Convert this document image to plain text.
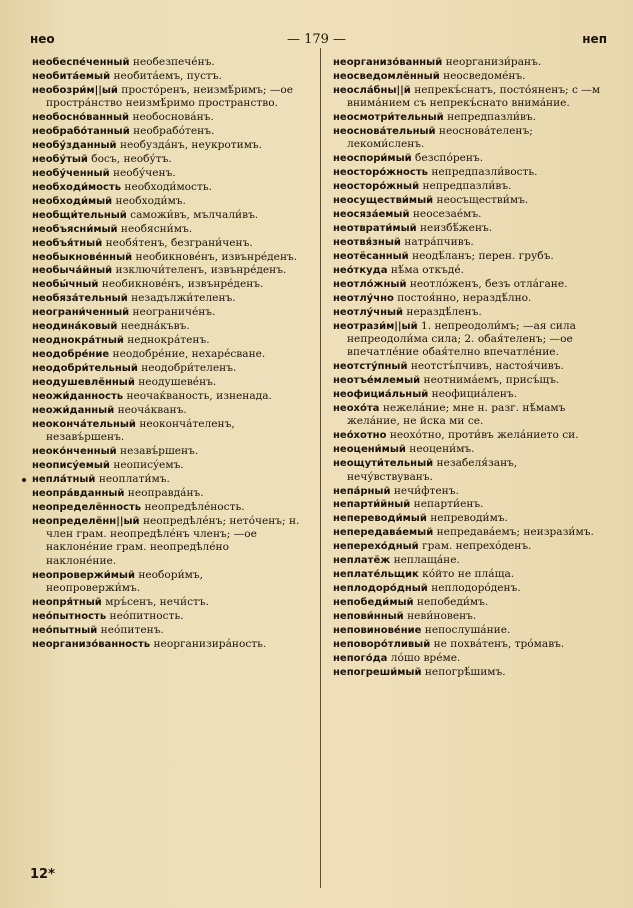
нео	— 179 —	неп
необеспе́ченный необезпече́нъ.
необита́емый необита́емъ, пустъ.
необозри́м||ый просто́ренъ, неизмѣ́римъ; —ое простра́нство неизмѣ́римо пространство.
необосно́ванный необоснова́нъ.
необрабо́танный необрабо́тенъ.
необу́зданный необузда́нъ, неукротимъ.
необу́тый босъ, необу́тъ.
необу́ченный необу́ченъ.
необходи́мость необходи́мость.
необходи́мый необходи́мъ.
необщи́тельный саможи́въ, мълчали́въ.
необъясни́мый необясни́мъ.
необъя́тный необя́тенъ, безграни́ченъ.
необыкнове́нный необикнове́нъ, извънре́денъ.
необыча́йный изключи́теленъ, извънре́денъ.
необы́чный необикнове́нъ, извънре́денъ.
необяза́тельный незадължи́теленъ.
неограни́ченный неограниче́нъ.
неодина́ковый неедна́къвъ.
неоднокра́тный неднокра́тенъ.
неодобре́ние неодобре́ние, нехаре́сване.
неодобри́тельный неодобри́теленъ.
неодушевлённый неодушеве́нъ.
неожи́данность неочаќваность, изненада.
неожи́данный неоча́кванъ.
неоконча́тельный неоконча́теленъ, незавъ́ршенъ.
неоко́нченный незавъ́ршенъ.
неописýемый неописýемъ.
непла́тный неоплати́мъ.
неопра́вданный неоправда́нъ.
неопределённость неопредѣле́ность.
неопределённ||ый неопредѣле́нъ; нето́ченъ; н. член грам. неопредѣле́нъ членъ; —ое наклоне́ние грам. неопредѣле́но наклоне́ние.
неопровержи́мый необори́мъ, неопровержи́мъ.
неопря́тный мръ́сенъ, нечи́стъ.
нео́пытность нео́питность.
нео́пытный нео́питенъ.
неорганизо́ванность неорганизира́ность.
неорганизо́ванный неорганизи́ранъ.
неосведомлённый неосведоме́нъ.
неосла́бны||й непрекъ́снатъ, посто́яненъ; с —м внима́нием съ непрекъ́снато внима́ние.
неосмотри́тельный непредпазли́въ.
неоснова́тельный неоснова́теленъ; лекоми́сленъ.
неоспори́мый безспо́ренъ.
неосторо́жность непредпазли́вость.
неосторо́жный непредпазли́въ.
неосуществи́мый неосъществи́мъ.
неосяза́емый неосезае́мъ.
неотврати́мый неизбѣ́женъ.
неотвя́зный натра́пчивъ.
неотёсанный неодѣ́ланъ; перен. грубъ.
нео́ткуда нѣ́ма откъде́.
неотло́жный неотло́женъ, безъ отла́гане.
неотлу́чно постоя́нно, нераздѣ́лно.
неотлу́чный нераздѣ́ленъ.
неотрази́м||ый 1. непреодоли́мъ; —ая сила непреодоли́ма сила; 2. обая́теленъ; —ое впечатле́ние обая́телно впечатле́ние.
неотсту́пный неотстъ́пчивъ, настоя́чивъ.
неотъе́млемый неотнима́емъ, присъ́щъ.
неофициа́льный неофициа́ленъ.
неохо́та нежела́ние; мне н. разг. нѣ́мамъ жела́ние, не йска ми се.
нео́хотно неохо́тно, проти́въ жела́нието си.
неоцени́мый неоцени́мъ.
неощути́тельный незабеля́занъ, нечу́вствуванъ.
непа́рный нечи́фтенъ.
непарти́йный непарти́енъ.
непереводи́мый непреводи́мъ.
непередава́емый непредава́емъ; неизрази́мъ.
неперехо́дный грам. непрехо́денъ.
неплатёж неплаща́не.
неплате́льщик ко́йто не пла́ща.
неплодоро́дный неплодоро́денъ.
непобеди́мый непобеди́мъ.
непови́нный неви́новенъ.
неповинове́ние непослуша́ние.
неповоро́тливый не похва́тенъ, тро́мавъ.
непого́да ло́шо вре́ме.
непогреши́мый непогрѣ́шимъ.
12*
